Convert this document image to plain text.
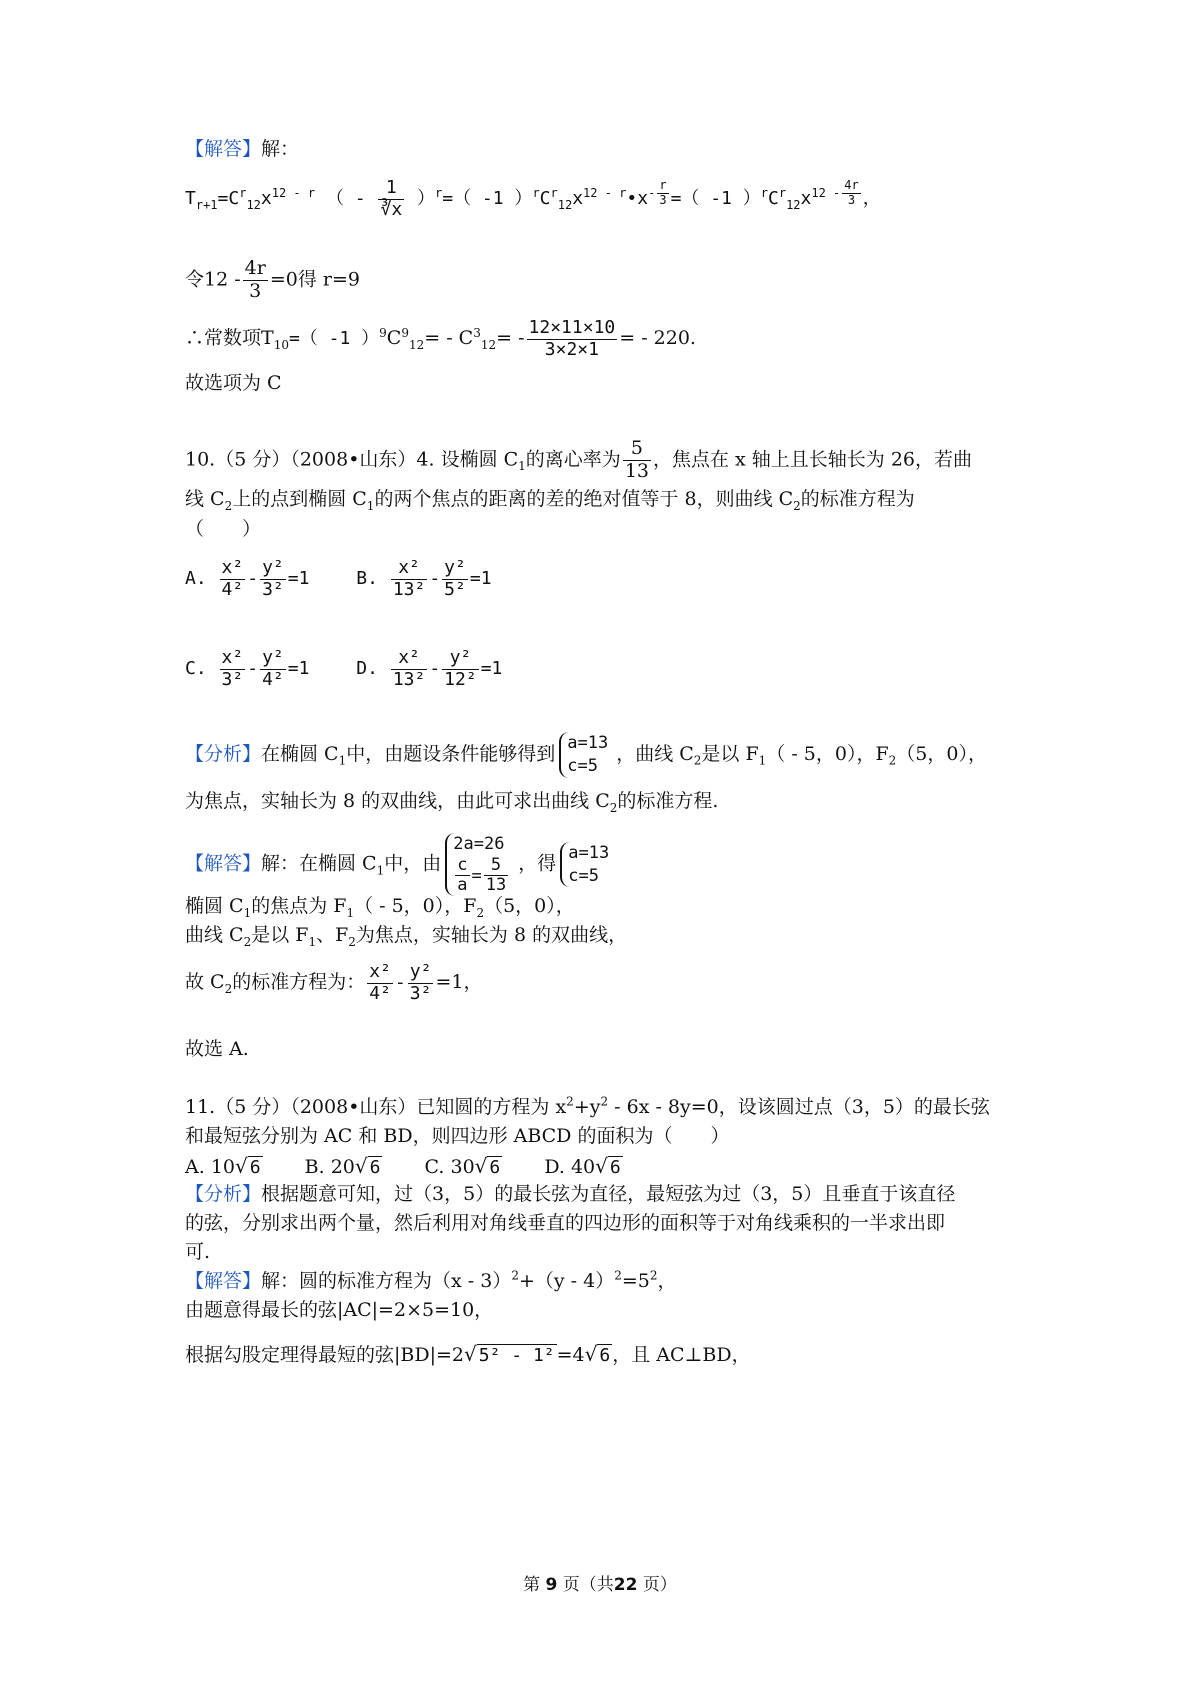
【解答】解：
$T_{r+1}=C^r_{12}x^{12 - r}$ （ - $\frac{1}{∛x} )^r=$（ -1 ）$^rC^r_{12}x^{12 - r}•x^{- \frac{r}{3}}$ =（ -1 ）$^rC^r_{12}x^{12 - \frac{4r}{3}}$ ，
令$12 - \frac{4r}{3} =0$得 r=9
∴常数项$T_{10}=$（ -1 ）$^9C^9_{12}= - C^3_{12}= - \frac{12\times 11\times 10}{3\times 2\times 1}$ = - 220.
故选项为 C
10.（5 分）（2008•山东）4. 设椭圆 $C_1$的离心率为 $\frac{5}{13}$ ，焦点在 x 轴上且长轴长为 26，若曲
线 $C_2$上的点到椭圆 $C_1$的两个焦点的距离的差的绝对值等于 8，则曲线 $C_2$的标准方程为
（　　）
A. $\frac{\text{x²}}{\text{4²}} - \frac{\text{y²}}{\text{3²}} =1$	B. $\frac{\text{x²}}{\text{13²}} - \frac{\text{y²}}{\text{5²}} =1$
C. $\frac{\text{x²}}{\text{3²}} - \frac{\text{y²}}{\text{4²}} =1$	D. $\frac{\text{x²}}{\text{13²}} - \frac{\text{y²}}{\text{12²}} =1$
【分析】在椭圆 $C_1$中，由题设条件能够得到 a=13
c=5
，曲线 $C_2$是以 $F_1( - 5$，0），$F_2(5$，0），
为焦点，实轴长为 8 的双曲线，由此可求出曲线 $C_2$的标准方程.
【解答】解：在椭圆 $C_1$中，由
2a=26
$\frac{c}{a} = \frac{5}{13}$ ，得 a=13
c=5
椭圆 $C_1$的焦点为 $F_1( - 5$，0），$F_2(5$，0），
曲线 $C_2$是以 $F_1$、$F_2$为焦点，实轴长为 8 的双曲线，
故 $C_2$的标准方程为： $\frac{\text{x²}}{\text{4²}} - \frac{\text{y²}}{\text{3²}} =1$，
故选 A.
11.（5 分）（2008•山东）已知圆的方程为 $x^2+y^2 - 6x - 8y=0$，设该圆过点（3，5）的最长弦
和最短弦分别为 AC 和 BD，则四边形 ABCD 的面积为（　　）
A. 10√ 6 B. 20√ 6 C. 30√ 6 D. 40√ 6
【分析】根据题意可知，过（3，5）的最长弦为直径，最短弦为过（3，5）且垂直于该直径
的弦，分别求出两个量，然后利用对角线垂直的四边形的面积等于对角线乘积的一半求出即
可.
【解答】解：圆的标准方程为$(x - 3)^2+(y - 4)^2=5^2$，
由题意得最长的弦|AC|=2×5=10，
根据勾股定理得最短的弦|BD|=2√ 5² - 1² =4√ 6 ，且 AC⊥BD，
第 9 页（共22 页）
